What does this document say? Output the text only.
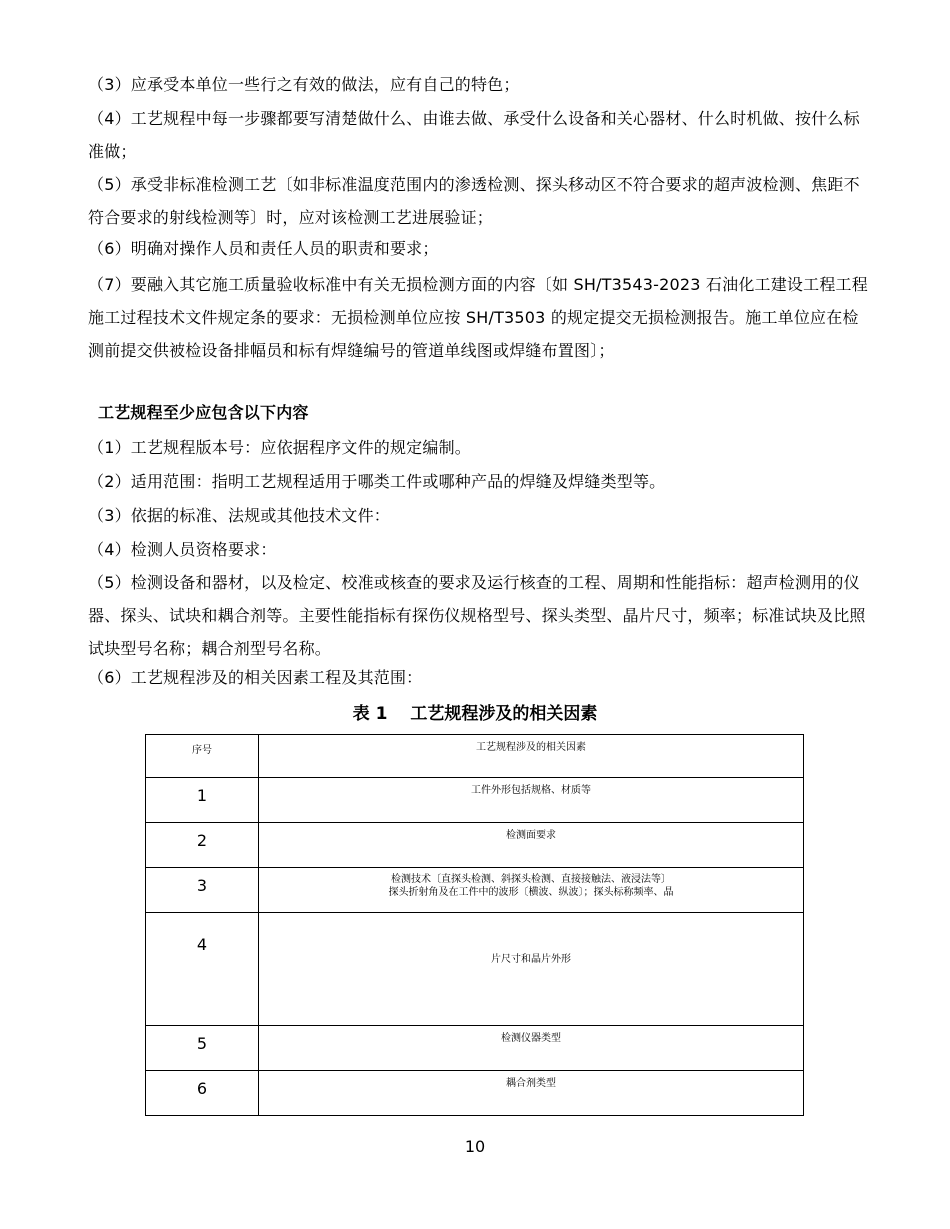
（3）应承受本单位一些行之有效的做法，应有自己的特色；
（4）工艺规程中每一步骤都要写清楚做什么、由谁去做、承受什么设备和关心器材、什么时机做、按什么标准做；
（5）承受非标准检测工艺〔如非标准温度范围内的渗透检测、探头移动区不符合要求的超声波检测、焦距不符合要求的射线检测等〕时，应对该检测工艺进展验证；
（6）明确对操作人员和责任人员的职责和要求；
（7）要融入其它施工质量验收标准中有关无损检测方面的内容〔如 SH/T3543-2023 石油化工建设工程工程施工过程技术文件规定条的要求：无损检测单位应按 SH/T3503 的规定提交无损检测报告。施工单位应在检测前提交供被检设备排幅员和标有焊缝编号的管道单线图或焊缝布置图〕；
工艺规程至少应包含以下内容
（1）工艺规程版本号：应依据程序文件的规定编制。
（2）适用范围：指明工艺规程适用于哪类工件或哪种产品的焊缝及焊缝类型等。
（3）依据的标准、法规或其他技术文件：
（4）检测人员资格要求：
（5）检测设备和器材，以及检定、校准或核查的要求及运行核查的工程、周期和性能指标：超声检测用的仪器、探头、试块和耦合剂等。主要性能指标有探伤仪规格型号、探头类型、晶片尺寸，频率；标准试块及比照试块型号名称；耦合剂型号名称。
（6）工艺规程涉及的相关因素工程及其范围：
表 1　 工艺规程涉及的相关因素
序号	工艺规程涉及的相关因素
1	工件外形包括规格、材质等
2	检测面要求
3	检测技术〔直探头检测、斜探头检测、直接接触法、液浸法等〕
探头折射角及在工件中的波形〔横波、纵波〕；探头标称频率、晶

4	片尺寸和晶片外形
5	检测仪器类型
6	耦合剂类型
10
